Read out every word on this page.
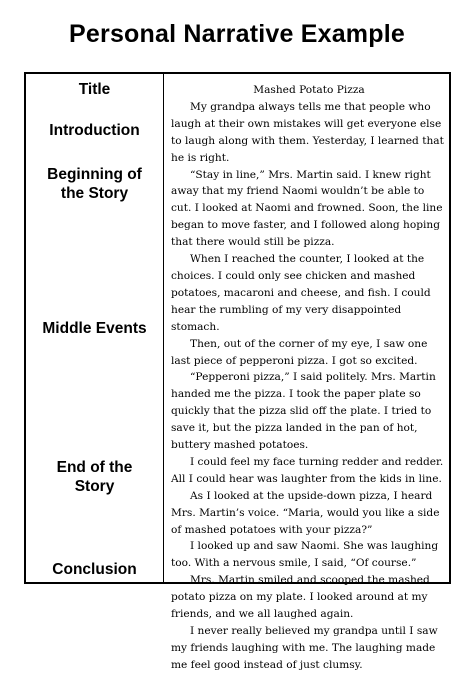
Personal Narrative Example
Title
Introduction
Beginning of
the Story
Middle Events
End of the
Story
Conclusion

Mashed Potato Pizza

My grandpa always tells me that people who laugh at their own mistakes will get everyone else to laugh along with them. Yesterday, I learned that he is right.

“Stay in line,” Mrs. Martin said. I knew right away that my friend Naomi wouldn’t be able to cut. I looked at Naomi and frowned. Soon, the line began to move faster, and I followed along hoping that there would still be pizza.

When I reached the counter, I looked at the choices. I could only see chicken and mashed potatoes, macaroni and cheese, and fish. I could hear the rumbling of my very disappointed stomach.

Then, out of the corner of my eye, I saw one last piece of pepperoni pizza. I got so excited.

“Pepperoni pizza,” I said politely. Mrs. Martin handed me the pizza. I took the paper plate so quickly that the pizza slid off the plate. I tried to save it, but the pizza landed in the pan of hot, buttery mashed potatoes.

I could feel my face turning redder and redder. All I could hear was laughter from the kids in line.

As I looked at the upside-down pizza, I heard Mrs. Martin’s voice. “Maria, would you like a side of mashed potatoes with your pizza?”

I looked up and saw Naomi. She was laughing too. With a nervous smile, I said, “Of course.”

Mrs. Martin smiled and scooped the mashed potato pizza on my plate. I looked around at my friends, and we all laughed again.

I never really believed my grandpa until I saw my friends laughing with me. The laughing made me feel good instead of just clumsy.
